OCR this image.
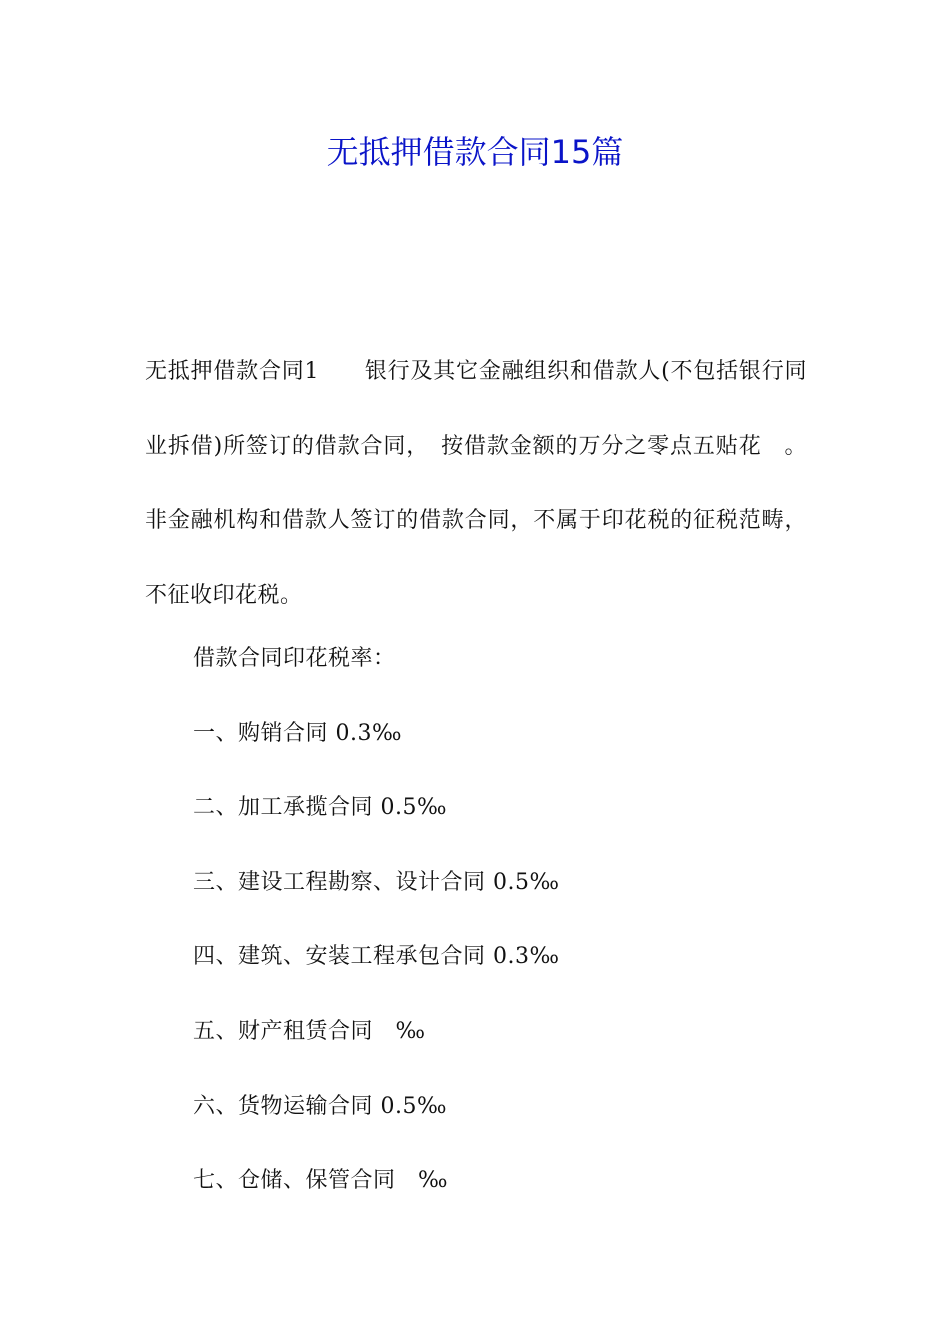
无抵押借款合同15篇

无抵押借款合同1　　银行及其它金融组织和借款人(不包括银行同业拆借)所签订的借款合同，　按借款金额的万分之零点五贴花　。非金融机构和借款人签订的借款合同，不属于印花税的征税范畴，不征收印花税。

借款合同印花税率：
一、购销合同 0.3‰
二、加工承揽合同 0.5‰
三、建设工程勘察、设计合同 0.5‰
四、建筑、安装工程承包合同 0.3‰
五、财产租赁合同　‰
六、货物运输合同 0.5‰
七、仓储、保管合同　‰
